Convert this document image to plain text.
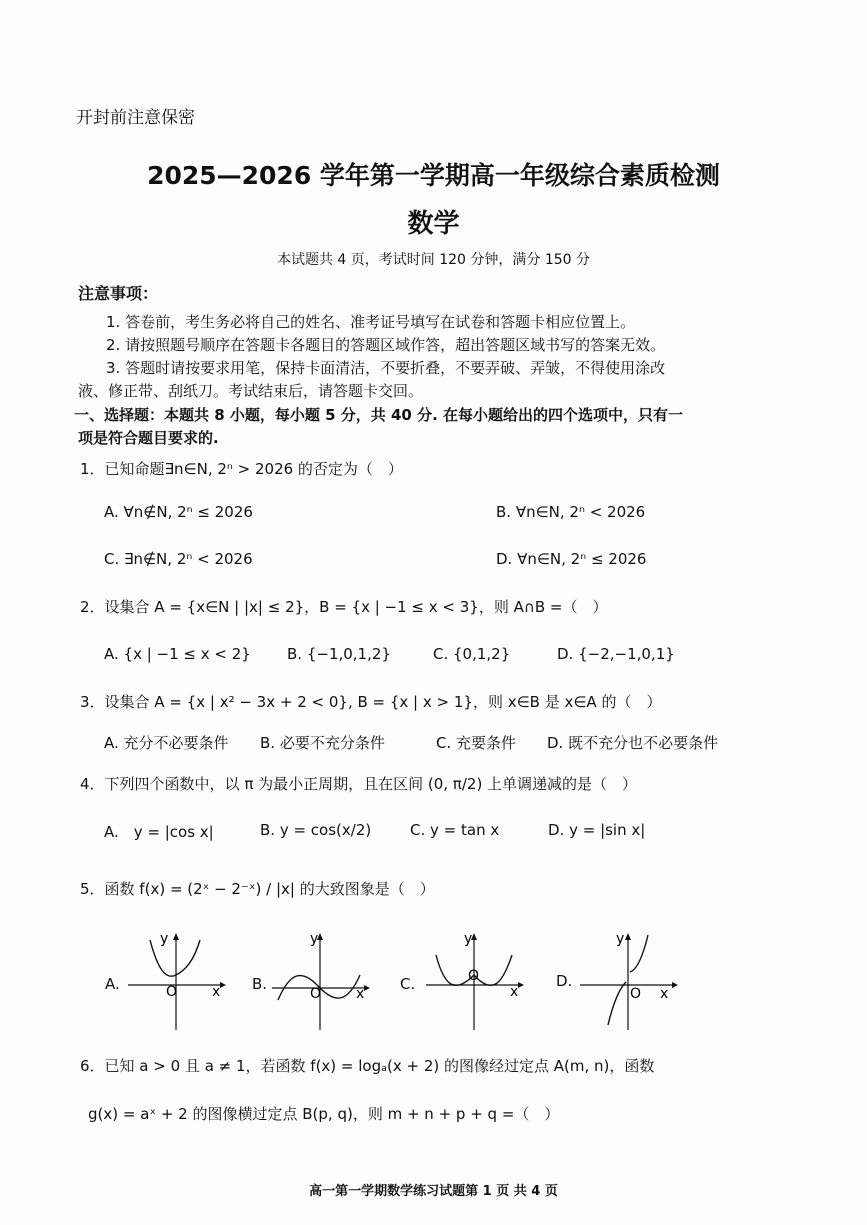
开封前注意保密
2025—2026 学年第一学期高一年级综合素质检测
数学
本试题共 4 页，考试时间 120 分钟，满分 150 分
注意事项：
1. 答卷前，考生务必将自己的姓名、准考证号填写在试卷和答题卡相应位置上。
2. 请按照题号顺序在答题卡各题目的答题区域作答，超出答题区域书写的答案无效。
3. 答题时请按要求用笔，保持卡面清洁，不要折叠，不要弄破、弄皱，不得使用涂改
液、修正带、刮纸刀。考试结束后，请答题卡交回。
一、选择题：本题共 8 小题，每小题 5 分，共 40 分. 在每小题给出的四个选项中，只有一
项是符合题目要求的.
1．已知命题∃n∈N, 2ⁿ > 2026 的否定为（　）
A. ∀n∉N, 2ⁿ ≤ 2026	B. ∀n∈N, 2ⁿ < 2026
C. ∃n∉N, 2ⁿ < 2026	D. ∀n∈N, 2ⁿ ≤ 2026
2．设集合 A = {x∈N | |x| ≤ 2}，B = {x | −1 ≤ x < 3}，则 A∩B =（　）
A. {x | −1 ≤ x < 2} B. {−1,0,1,2}	C. {0,1,2}	D. {−2,−1,0,1}
3．设集合 A = {x | x² − 3x + 2 < 0}, B = {x | x > 1}，则 x∈B 是 x∈A 的（　）
A. 充分不必要条件 B. 必要不充分条件	C. 充要条件 D. 既不充分也不必要条件
4．下列四个函数中，以 π 为最小正周期，且在区间 (0, π/2) 上单调递减的是（　）
A.　y = |cos x|	B. y = cos(x/2)	C. y = tan x	D. y = |sin x|
5．函数 f(x) = (2ˣ − 2⁻ˣ) / |x| 的大致图象是（　）
A.
y
O x B.
y
O x
C.
y
O
x
D.
y
O x
6．已知 a > 0 且 a ≠ 1，若函数 f(x) = logₐ(x + 2) 的图像经过定点 A(m, n)，函数
g(x) = aˣ + 2 的图像横过定点 B(p, q)，则 m + n + p + q =（　）
高一第一学期数学练习试题第 1 页 共 4 页
